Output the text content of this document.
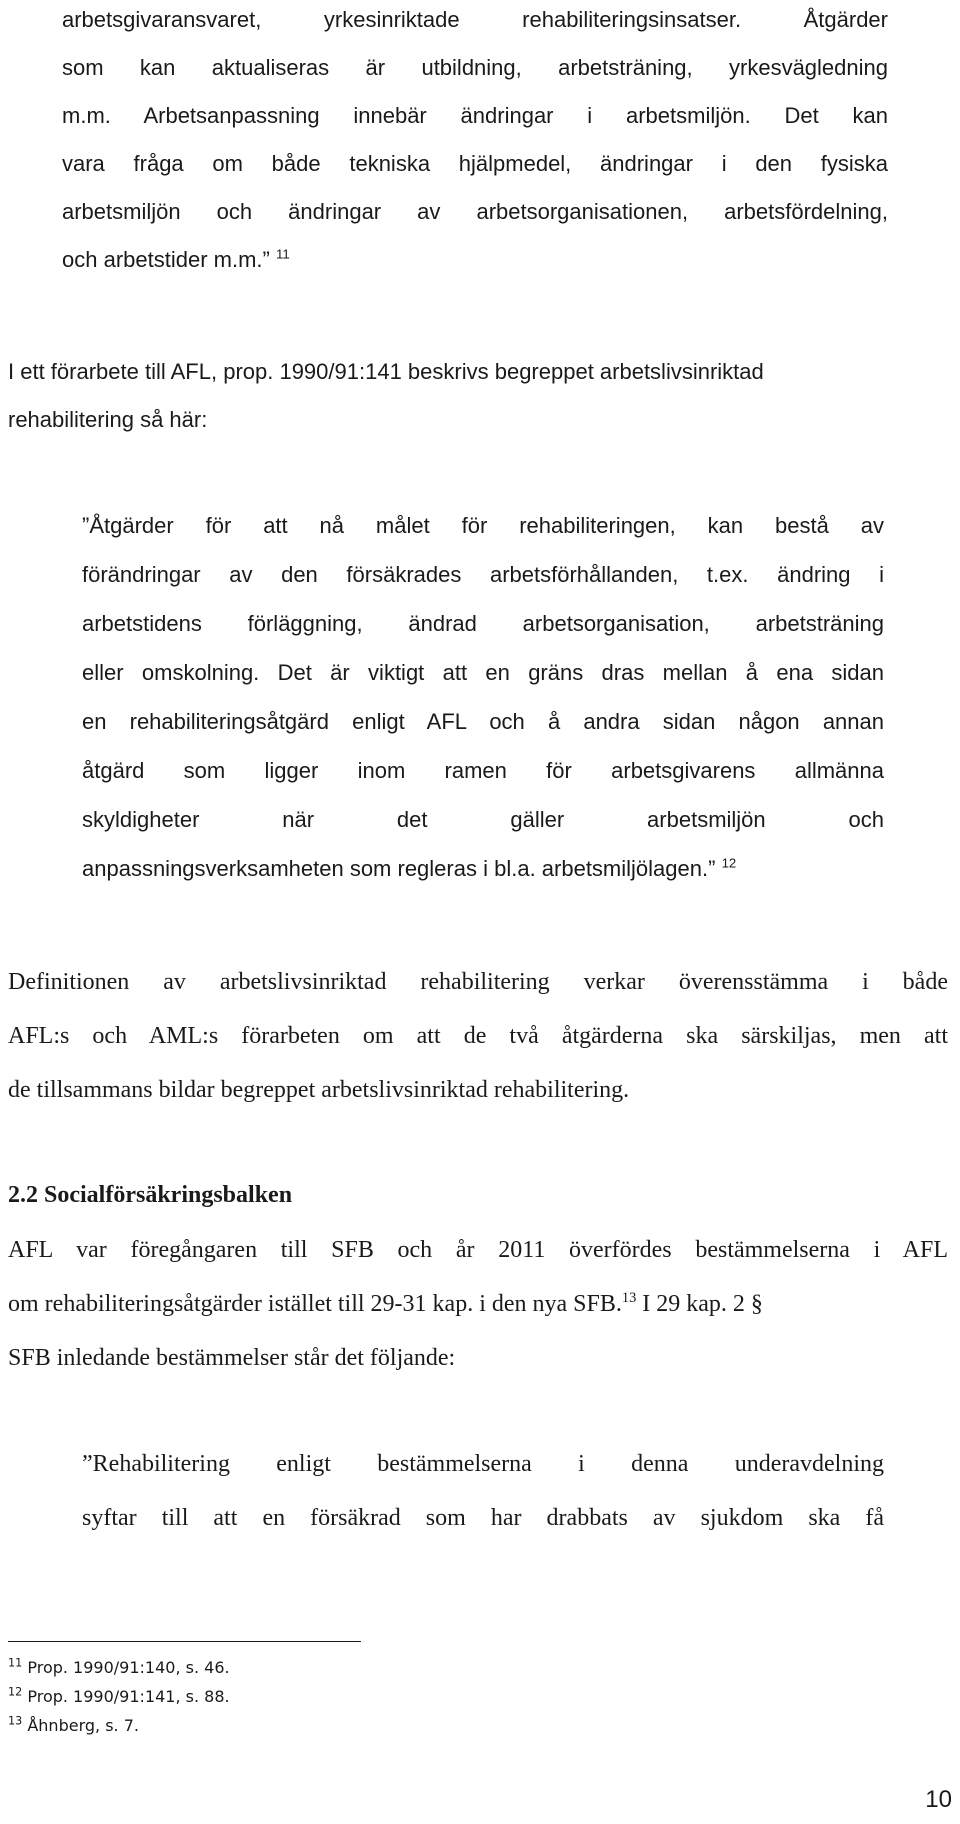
arbetsgivaransvaret, yrkesinriktade rehabiliteringsinsatser. Åtgärder
som kan aktualiseras är utbildning, arbetsträning, yrkesvägledning
m.m. Arbetsanpassning innebär ändringar i arbetsmiljön. Det kan
vara fråga om både tekniska hjälpmedel, ändringar i den fysiska
arbetsmiljön och ändringar av arbetsorganisationen, arbetsfördelning,
och arbetstider m.m.” $^{11}$
I ett förarbete till AFL, prop. 1990/91:141 beskrivs begreppet arbetslivsinriktad
rehabilitering så här:
”Åtgärder för att nå målet för rehabiliteringen, kan bestå av
förändringar av den försäkrades arbetsförhållanden, t.ex. ändring i
arbetstidens förläggning, ändrad arbetsorganisation, arbetsträning
eller omskolning. Det är viktigt att en gräns dras mellan å ena sidan
en rehabiliteringsåtgärd enligt AFL och å andra sidan någon annan
åtgärd som ligger inom ramen för arbetsgivarens allmänna
skyldigheter när det gäller arbetsmiljön och
anpassningsverksamheten som regleras i bl.a. arbetsmiljölagen.” $^{12}$
Definitionen av arbetslivsinriktad rehabilitering verkar överensstämma i både
AFL:s och AML:s förarbeten om att de två åtgärderna ska särskiljas, men att
de tillsammans bildar begreppet arbetslivsinriktad rehabilitering.
2.2 Socialförsäkringsbalken
AFL var föregångaren till SFB och år 2011 överfördes bestämmelserna i AFL
om rehabiliteringsåtgärder istället till 29-31 kap. i den nya SFB.$^{13}$ I 29 kap. 2 §
SFB inledande bestämmelser står det följande:
”Rehabilitering enligt bestämmelserna i denna underavdelning
syftar till att en försäkrad som har drabbats av sjukdom ska få
$^{11}$ Prop. 1990/91:140, s. 46.
$^{12}$ Prop. 1990/91:141, s. 88.
$^{13}$ Åhnberg, s. 7.
10
